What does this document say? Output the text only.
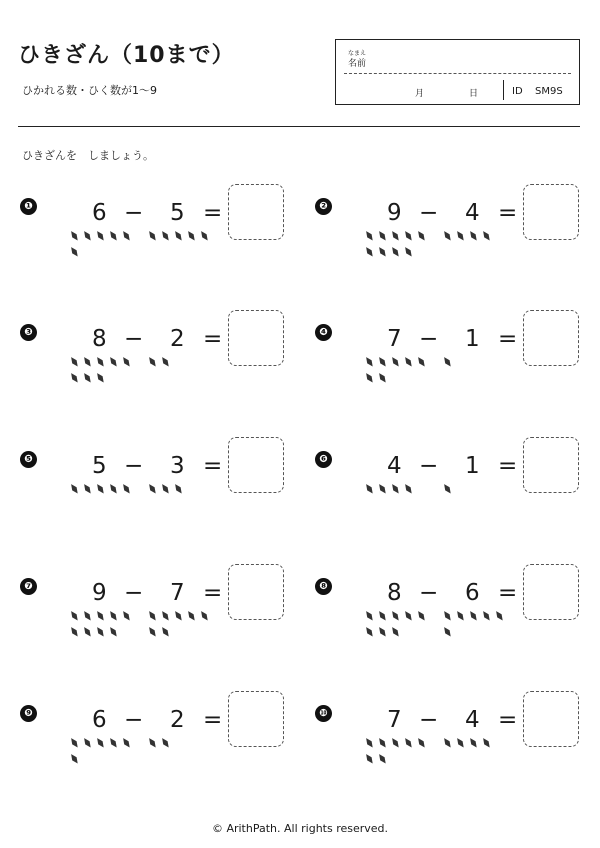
ひきざん（10まで）
ひかれる数・ひく数が1〜9
なまえ
名前
月	日	ID SM9S
ひきざんを　しましょう。
❶	6 − 5 =
⧫ ⧫ ⧫ ⧫ ⧫
⧫
⧫ ⧫ ⧫ ⧫ ⧫
❷	9 − 4 =
⧫ ⧫ ⧫ ⧫ ⧫
⧫ ⧫ ⧫ ⧫
⧫ ⧫ ⧫ ⧫
❸	8 − 2 =
⧫ ⧫ ⧫ ⧫ ⧫
⧫ ⧫ ⧫
⧫ ⧫
❹	7 − 1 =
⧫ ⧫ ⧫ ⧫ ⧫
⧫ ⧫
⧫
❺	5 − 3 =
⧫ ⧫ ⧫ ⧫ ⧫	⧫ ⧫ ⧫
❻	4 − 1 =
⧫ ⧫ ⧫ ⧫	⧫
❼	9 − 7 =
⧫ ⧫ ⧫ ⧫ ⧫
⧫ ⧫ ⧫ ⧫
⧫ ⧫ ⧫ ⧫ ⧫
⧫ ⧫
❽	8 − 6 =
⧫ ⧫ ⧫ ⧫ ⧫
⧫ ⧫ ⧫
⧫ ⧫ ⧫ ⧫ ⧫
⧫
❾	6 − 2 =
⧫ ⧫ ⧫ ⧫ ⧫
⧫
⧫ ⧫
❿	7 − 4 =
⧫ ⧫ ⧫ ⧫ ⧫
⧫ ⧫
⧫ ⧫ ⧫ ⧫
© ArithPath. All rights reserved.
